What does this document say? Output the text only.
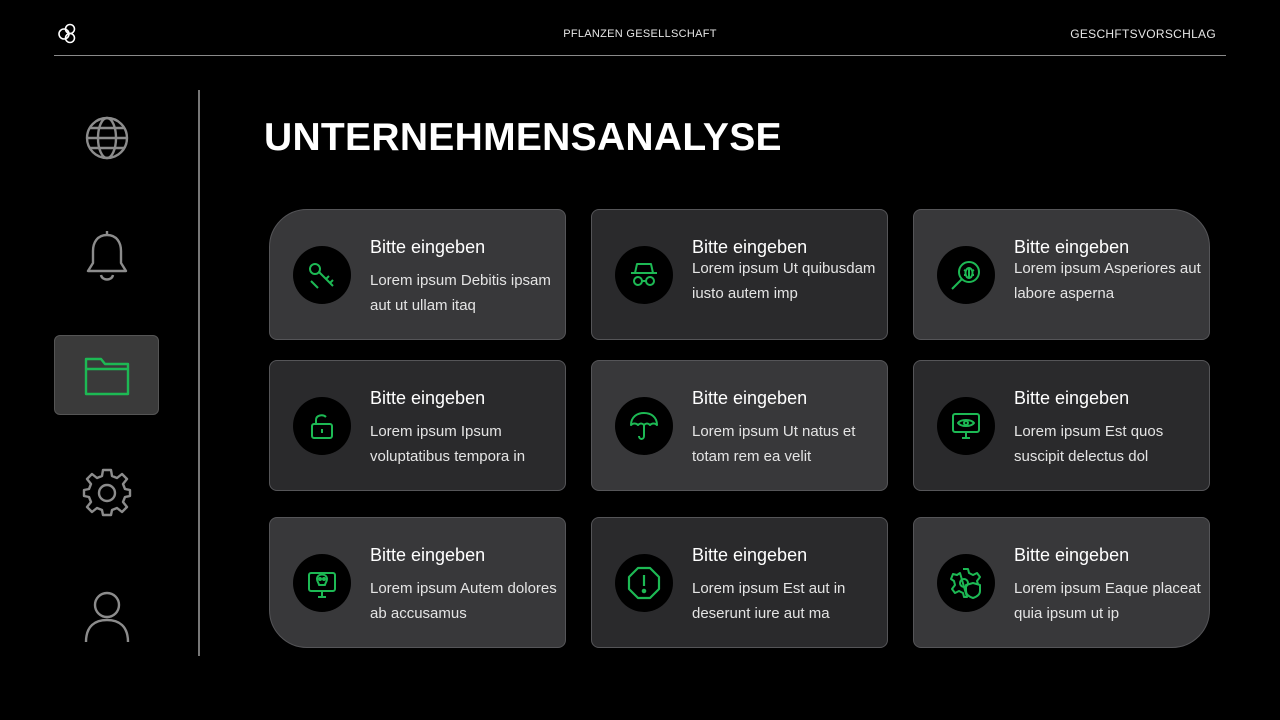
PFLANZEN GESELLSCHAFT	GESCHFTSVORSCHLAG
UNTERNEHMENSANALYSE
Bitte eingeben
Lorem ipsum Debitis ipsam aut ut ullam itaq
Bitte eingeben
Lorem ipsum Ut quibusdam iusto autem imp
Bitte eingeben
Lorem ipsum Asperiores aut labore asperna
Bitte eingeben
Lorem ipsum Ipsum voluptatibus tempora in
Bitte eingeben
Lorem ipsum Ut natus et totam rem ea velit
Bitte eingeben
Lorem ipsum Est quos suscipit delectus dol
Bitte eingeben
Lorem ipsum Autem dolores ab accusamus
Bitte eingeben
Lorem ipsum Est aut in deserunt iure aut ma
Bitte eingeben
Lorem ipsum Eaque placeat quia ipsum ut ip
